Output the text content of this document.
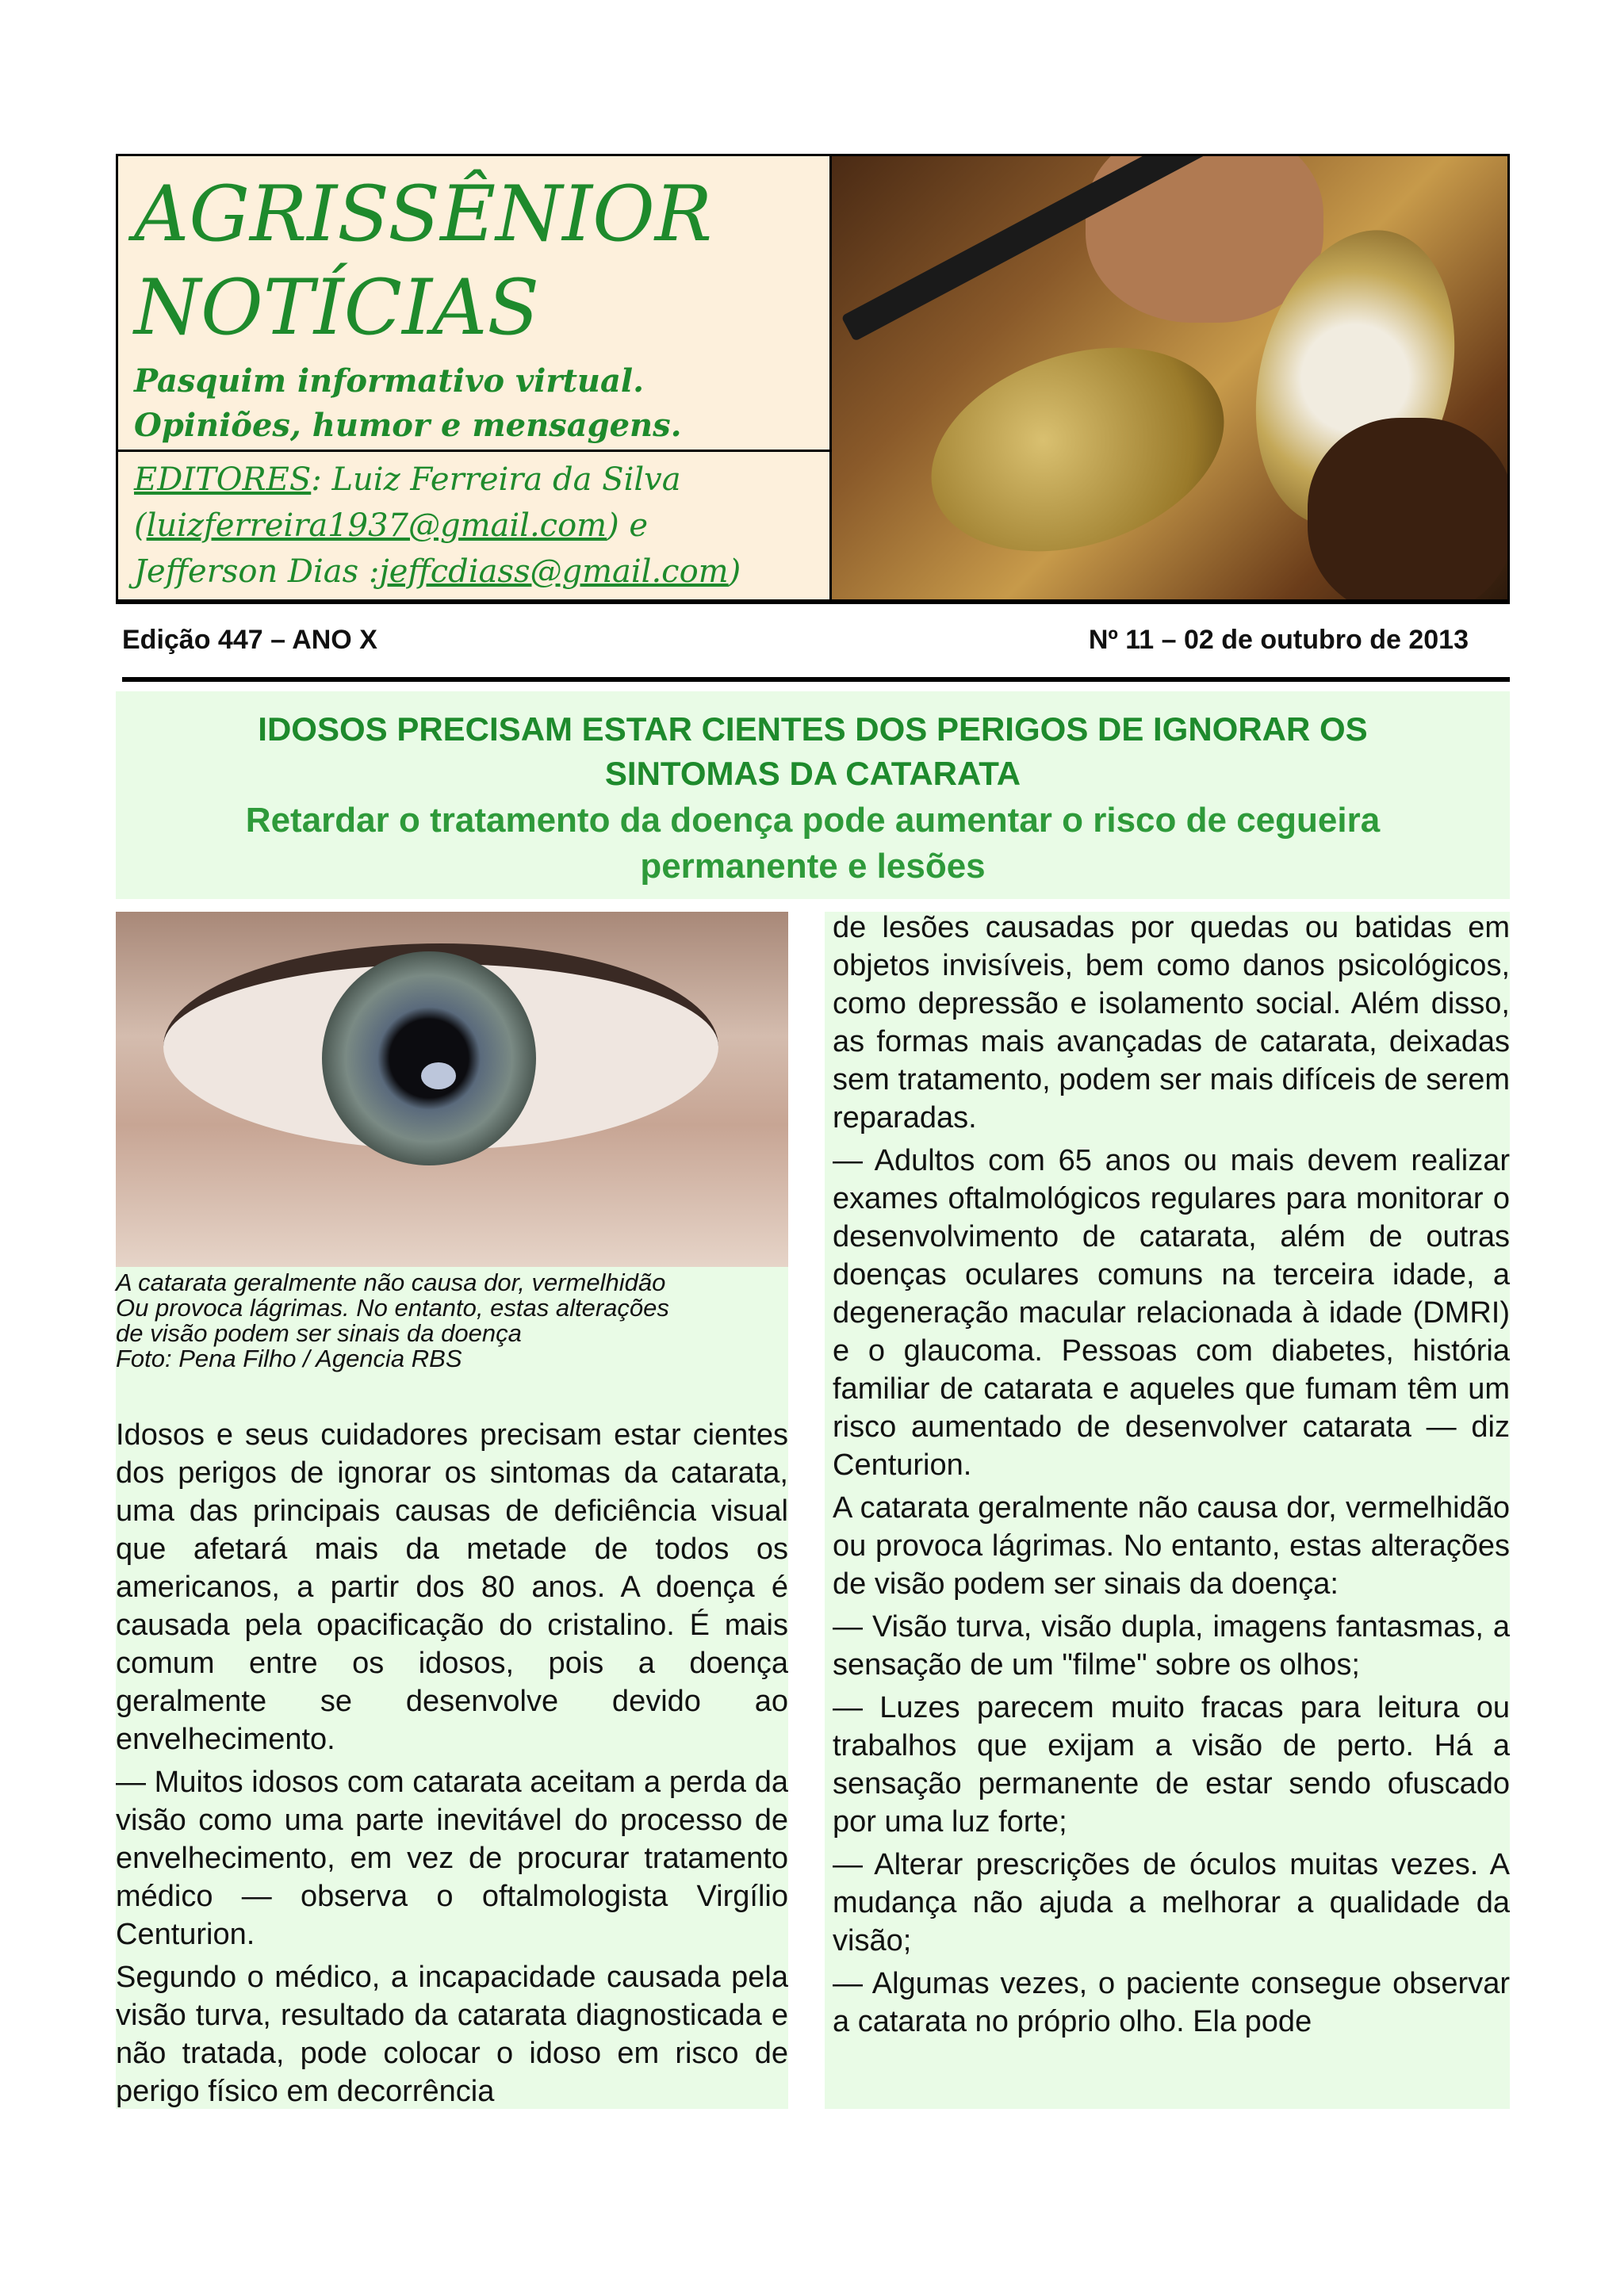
AGRISSÊNIOR
NOTÍCIAS
Pasquim informativo virtual.
Opiniões, humor e mensagens.
EDITORES: Luiz Ferreira da Silva
(luizferreira1937@gmail.com) e
Jefferson Dias :jeffcdiass@gmail.com)
Edição 447 – ANO X	Nº 11 – 02 de outubro de 2013
IDOSOS PRECISAM ESTAR CIENTES DOS PERIGOS DE IGNORAR OS
SINTOMAS DA CATARATA
Retardar o tratamento da doença pode aumentar o risco de cegueira
permanente e lesões
A catarata geralmente não causa dor, vermelhidão
Ou provoca lágrimas. No entanto, estas alterações
de visão podem ser sinais da doença
Foto: Pena Filho / Agencia RBS

Idosos e seus cuidadores precisam estar cientes dos perigos de ignorar os sintomas da catarata, uma das principais causas de deficiência visual que afetará mais da metade de todos os americanos, a partir dos 80 anos. A doença é causada pela opacificação do cristalino. É mais comum entre os idosos, pois a doença geralmente se desenvolve devido ao envelhecimento.

— Muitos idosos com catarata aceitam a perda da visão como uma parte inevitável do processo de envelhecimento, em vez de procurar tratamento médico — observa o oftalmologista Virgílio Centurion.

Segundo o médico, a incapacidade causada pela visão turva, resultado da catarata diagnosticada e não tratada, pode colocar o idoso em risco de perigo físico em decorrência

de lesões causadas por quedas ou batidas em objetos invisíveis, bem como danos psicológicos, como depressão e isolamento social. Além disso, as formas mais avançadas de catarata, deixadas sem tratamento, podem ser mais difíceis de serem reparadas.

— Adultos com 65 anos ou mais devem realizar exames oftalmológicos regulares para monitorar o desenvolvimento de catarata, além de outras doenças oculares comuns na terceira idade, a degeneração macular relacionada à idade (DMRI) e o glaucoma. Pessoas com diabetes, história familiar de catarata e aqueles que fumam têm um risco aumentado de desenvolver catarata — diz Centurion.

A catarata geralmente não causa dor, vermelhidão ou provoca lágrimas. No entanto, estas alterações de visão podem ser sinais da doença:

— Visão turva, visão dupla, imagens fantasmas, a sensação de um "filme" sobre os olhos;

— Luzes parecem muito fracas para leitura ou trabalhos que exijam a visão de perto. Há a sensação permanente de estar sendo ofuscado por uma luz forte;

— Alterar prescrições de óculos muitas vezes. A mudança não ajuda a melhorar a qualidade da visão;

— Algumas vezes, o paciente consegue observar a catarata no próprio olho. Ela pode
